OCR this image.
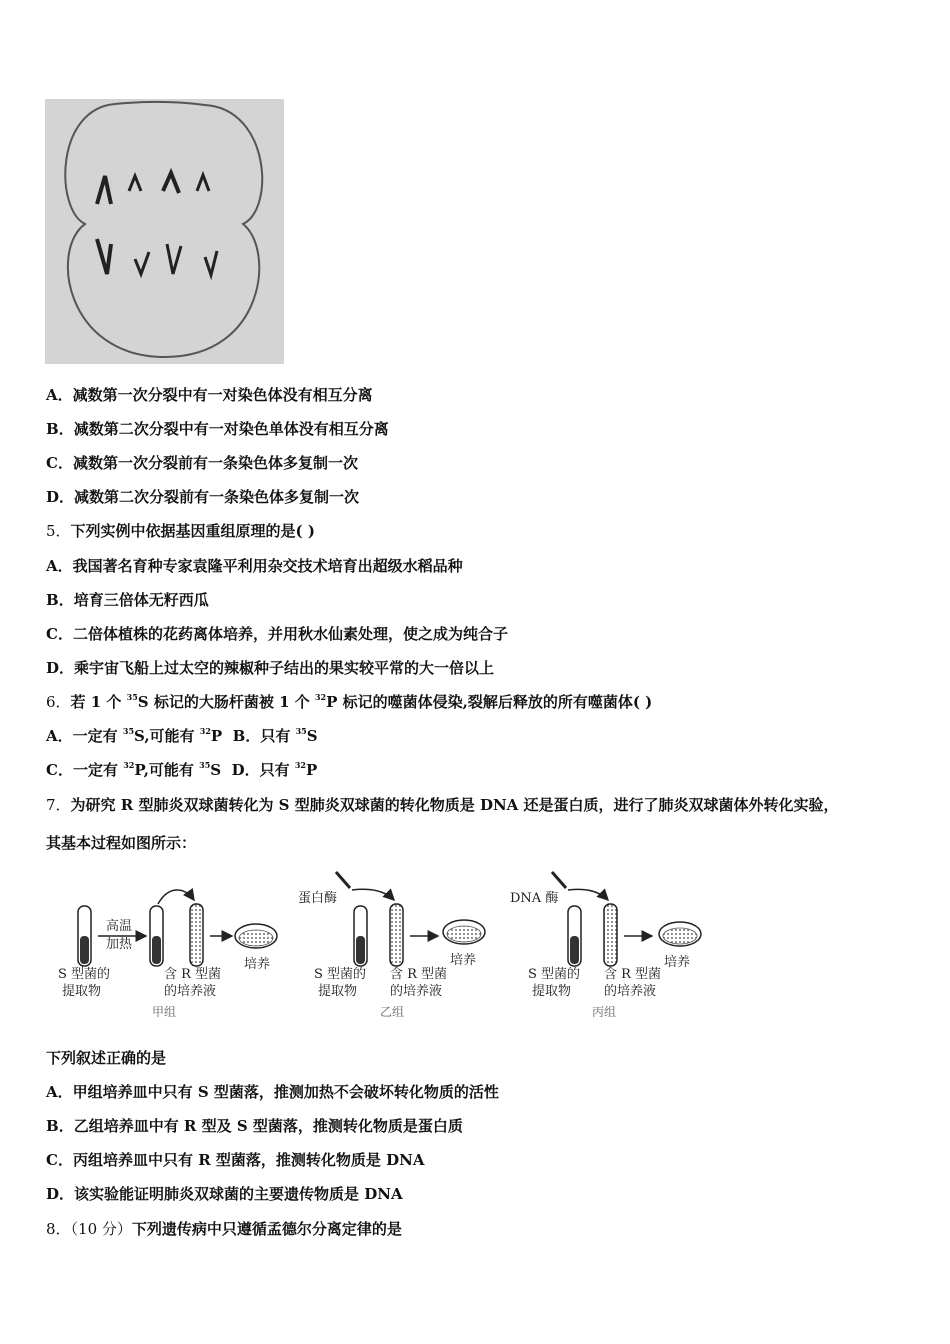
A．减数第一次分裂中有一对染色体没有相互分离
B．减数第二次分裂中有一对染色单体没有相互分离
C．减数第一次分裂前有一条染色体多复制一次
D．减数第二次分裂前有一条染色体多复制一次
5．下列实例中依据基因重组原理的是( )
A．我国著名育种专家袁隆平利用杂交技术培育出超级水稻品种
B．培育三倍体无籽西瓜
C．二倍体植株的花药离体培养，并用秋水仙素处理，使之成为纯合子
D．乘宇宙飞船上过太空的辣椒种子结出的果实较平常的大一倍以上
6．若 1 个 $^{35}$S 标记的大肠杆菌被 1 个 $^{32}$P 标记的噬菌体侵染,裂解后释放的所有噬菌体( )
A．一定有 $^{35}$S,可能有 $^{32}$P B．只有 $^{35}$S
C．一定有 $^{32}$P,可能有 $^{35}$S D．只有 $^{32}$P
7．为研究 R 型肺炎双球菌转化为 S 型肺炎双球菌的转化物质是 DNA 还是蛋白质，进行了肺炎双球菌体外转化实验，
其基本过程如图所示：
高温
加热
培养
S 型菌的
提取物
含 R 型菌
的培养液
甲组
蛋白酶
培养
S 型菌的
提取物
含 R 型菌
的培养液
乙组
DNA 酶
培养
S 型菌的
提取物
含 R 型菌
的培养液
丙组
下列叙述正确的是
A．甲组培养皿中只有 S 型菌落，推测加热不会破坏转化物质的活性
B．乙组培养皿中有 R 型及 S 型菌落，推测转化物质是蛋白质
C．丙组培养皿中只有 R 型菌落，推测转化物质是 DNA
D．该实验能证明肺炎双球菌的主要遗传物质是 DNA
8．（10 分）下列遗传病中只遵循孟德尔分离定律的是
